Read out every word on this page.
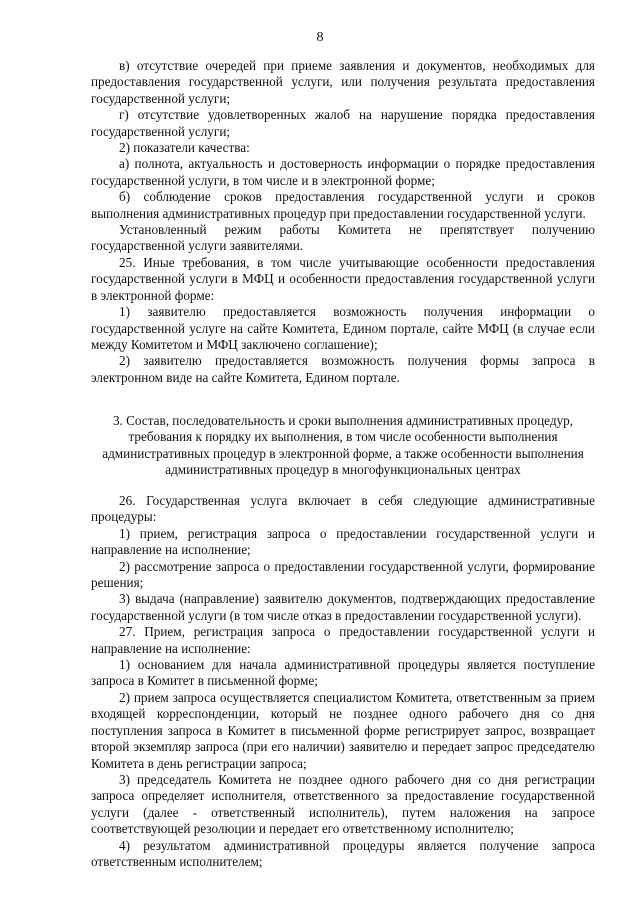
8

в) отсутствие очередей при приеме заявления и документов, необходимых для предоставления государственной услуги, или получения результата предоставления государственной услуги;

г) отсутствие удовлетворенных жалоб на нарушение порядка предоставления государственной услуги;

2) показатели качества:

а) полнота, актуальность и достоверность информации о порядке предоставления государственной услуги, в том числе и в электронной форме;

б) соблюдение сроков предоставления государственной услуги и сроков выполнения административных процедур при предоставлении государственной услуги.

Установленный режим работы Комитета не препятствует получению государственной услуги заявителями.

25. Иные требования, в том числе учитывающие особенности предоставления государственной услуги в МФЦ и особенности предоставления государственной услуги в электронной форме:

1) заявителю предоставляется возможность получения информации о государственной услуге на сайте Комитета, Едином портале, сайте МФЦ (в случае если между Комитетом и МФЦ заключено соглашение);

2) заявителю предоставляется возможность получения формы запроса в электронном виде на сайте Комитета, Едином портале.

3. Состав, последовательность и сроки выполнения административных процедур, требования к порядку их выполнения, в том числе особенности выполнения административных процедур в электронной форме, а также особенности выполнения административных процедур в многофункциональных центрах

26. Государственная услуга включает в себя следующие административные процедуры:

1) прием, регистрация запроса о предоставлении государственной услуги и направление на исполнение;

2) рассмотрение запроса о предоставлении государственной услуги, формирование решения;

3) выдача (направление) заявителю документов, подтверждающих предоставление государственной услуги (в том числе отказ в предоставлении государственной услуги).

27. Прием, регистрация запроса о предоставлении государственной услуги и направление на исполнение:

1) основанием для начала административной процедуры является поступление запроса в Комитет в письменной форме;

2) прием запроса осуществляется специалистом Комитета, ответственным за прием входящей корреспонденции, который не позднее одного рабочего дня со дня поступления запроса в Комитет в письменной форме регистрирует запрос, возвращает второй экземпляр запроса (при его наличии) заявителю и передает запрос председателю Комитета в день регистрации запроса;

3) председатель Комитета не позднее одного рабочего дня со дня регистрации запроса определяет исполнителя, ответственного за предоставление государственной услуги (далее - ответственный исполнитель), путем наложения на запросе соответствующей резолюции и передает его ответственному исполнителю;

4) результатом административной процедуры является получение запроса ответственным исполнителем;
